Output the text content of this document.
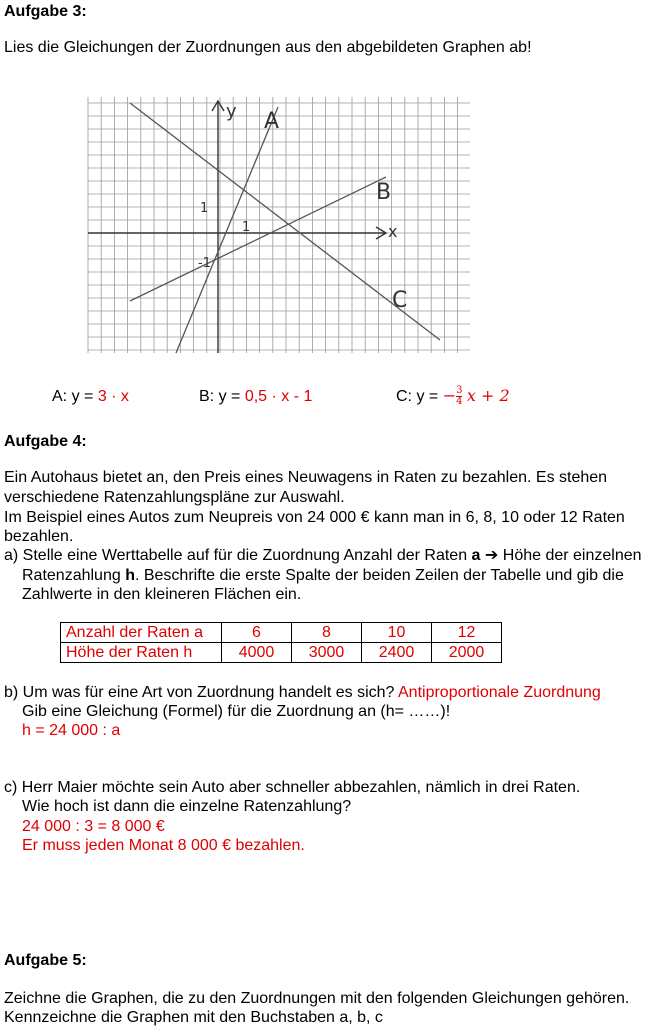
Aufgabe 3:
Lies die Gleichungen der Zuordnungen aus den abgebildeten Graphen ab!
y
x
1
1
-1
A
B
C
A: y = 3 · x	B: y = 0,5 · x - 1	C: y = − $\frac{3}{4}$ x + 2
Aufgabe 4:
Ein Autohaus bietet an, den Preis eines Neuwagens in Raten zu bezahlen. Es stehen
verschiedene Ratenzahlungspläne zur Auswahl.
Im Beispiel eines Autos zum Neupreis von 24 000 € kann man in 6, 8, 10 oder 12 Raten
bezahlen.
a) Stelle eine Werttabelle auf für die Zuordnung Anzahl der Raten a ➔ Höhe der einzelnen
Ratenzahlung h. Beschrifte die erste Spalte der beiden Zeilen der Tabelle und gib die
Zahlwerte in den kleineren Flächen ein.
Anzahl der Raten a	6	8	10	12
Höhe der Raten h	4000	3000	2400	2000
b) Um was für eine Art von Zuordnung handelt es sich? Antiproportionale Zuordnung
Gib eine Gleichung (Formel) für die Zuordnung an (h= ……)!
h = 24 000 : a
c) Herr Maier möchte sein Auto aber schneller abbezahlen, nämlich in drei Raten.
Wie hoch ist dann die einzelne Ratenzahlung?
24 000 : 3 = 8 000 €
Er muss jeden Monat 8 000 € bezahlen.
Aufgabe 5:
Zeichne die Graphen, die zu den Zuordnungen mit den folgenden Gleichungen gehören.
Kennzeichne die Graphen mit den Buchstaben a, b, c
